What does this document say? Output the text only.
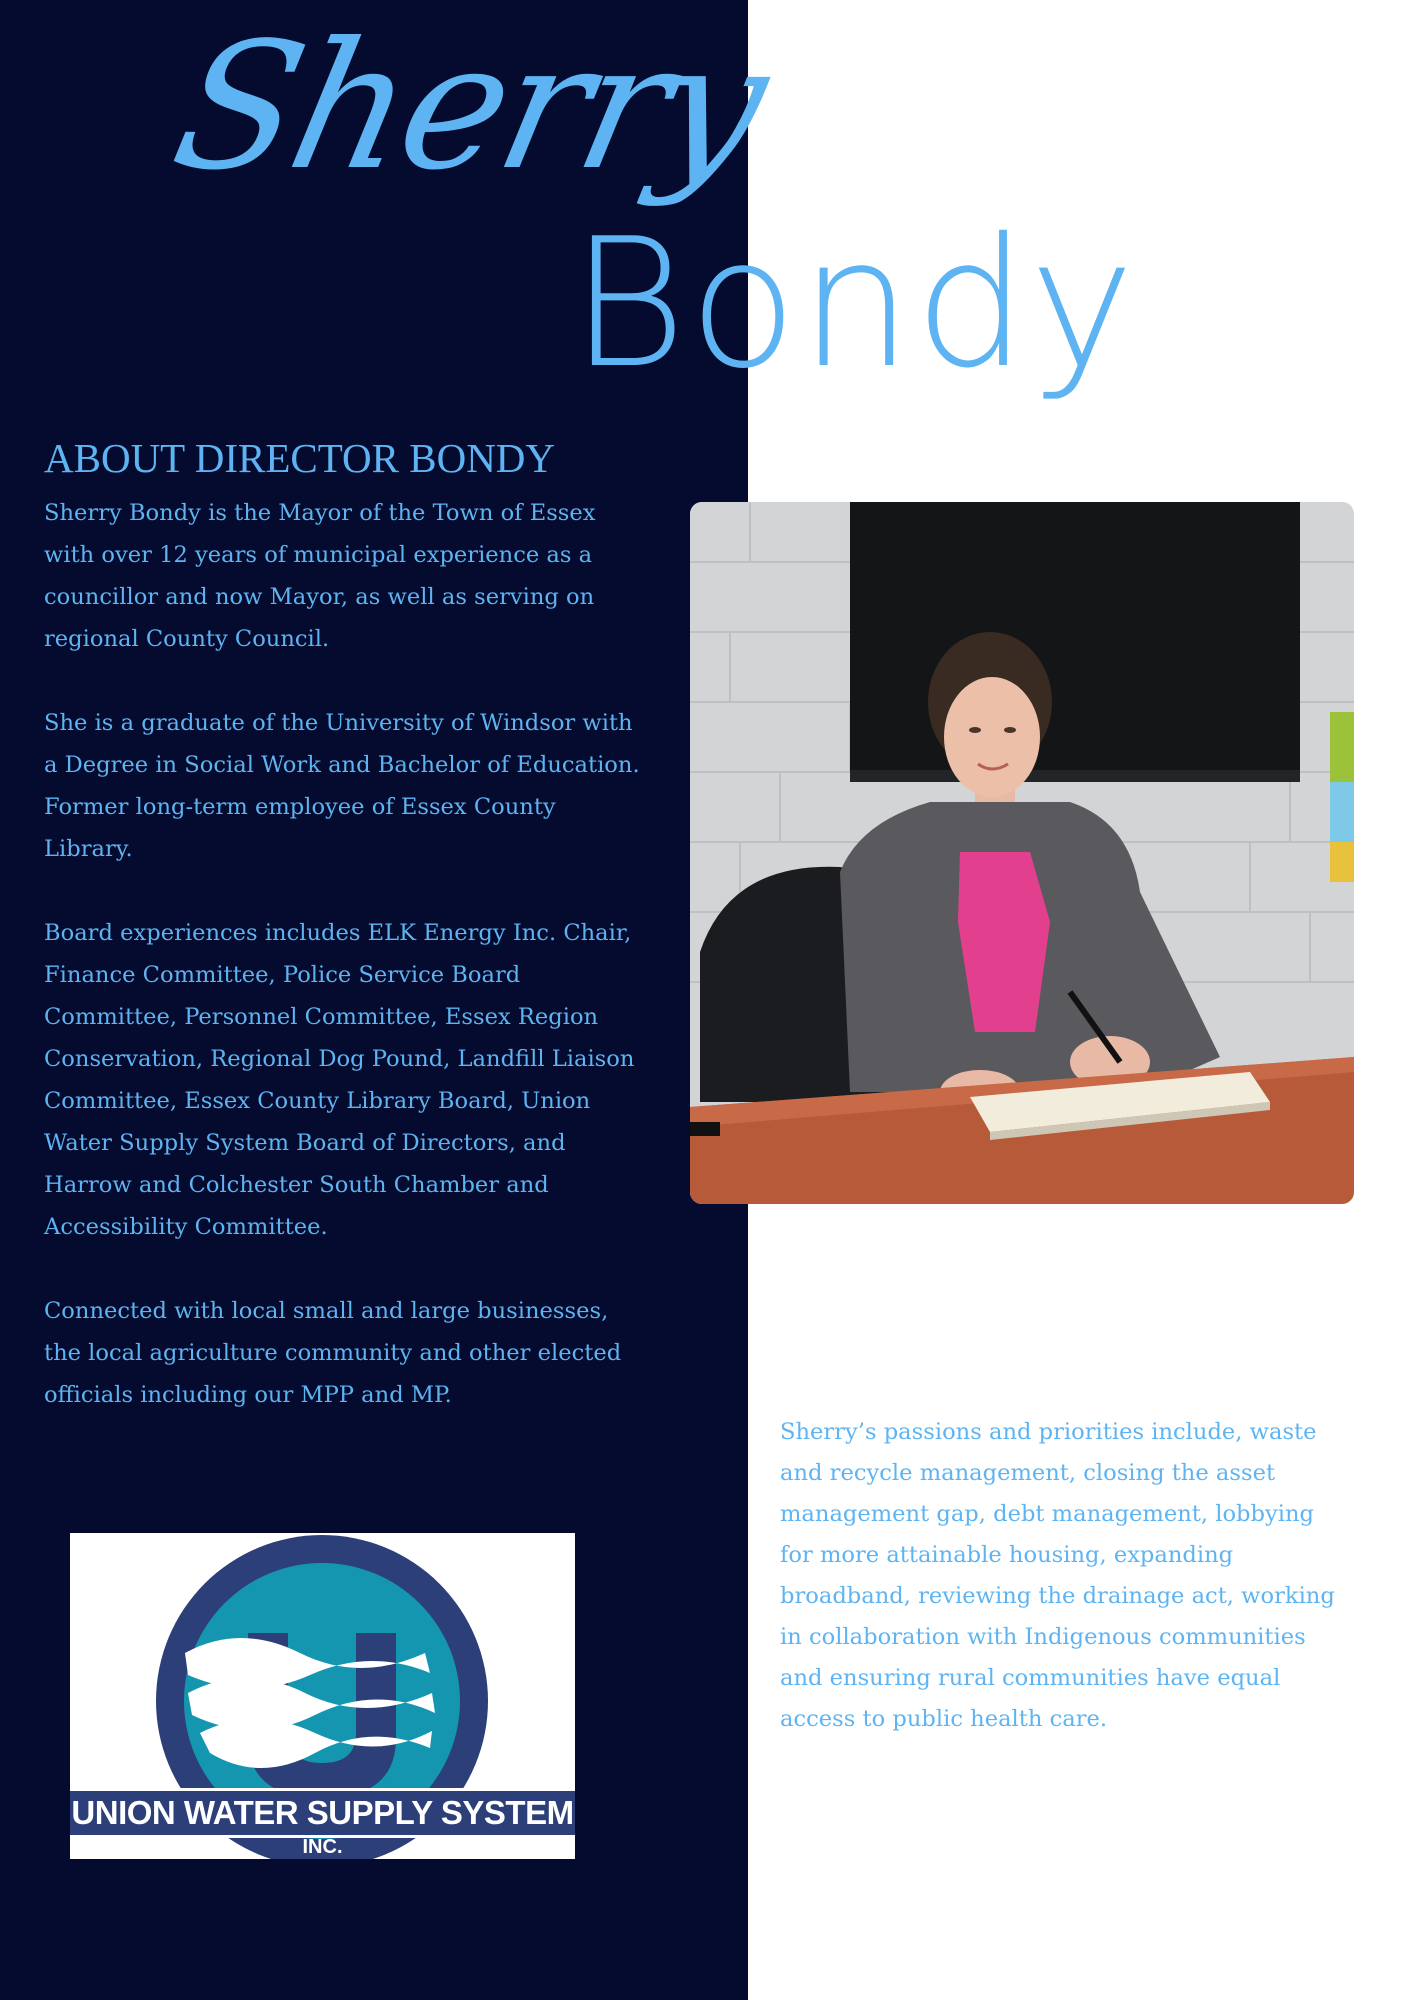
Sherry
Bondy
ABOUT DIRECTOR BONDY

Sherry Bondy is the Mayor of the Town of Essex with over 12 years of municipal experience as a councillor and now Mayor, as well as serving on regional County Council.

She is a graduate of the University of Windsor with a Degree in Social Work and Bachelor of Education. Former long-term employee of Essex County Library.

Board experiences includes ELK Energy Inc. Chair, Finance Committee, Police Service Board Committee, Personnel Committee, Essex Region Conservation, Regional Dog Pound, Landfill Liaison Committee, Essex County Library Board, Union Water Supply System Board of Directors, and Harrow and Colchester South Chamber and Accessibility Committee.

Connected with local small and large businesses, the local agriculture community and other elected officials including our MPP and MP.

Sherry’s passions and priorities include, waste and recycle management, closing the asset management gap, debt management, lobbying for more attainable housing, expanding broadband, reviewing the drainage act, working in collaboration with Indigenous communities and ensuring rural communities have equal access to public health care.

UNION WATER SUPPLY SYSTEM
INC.
